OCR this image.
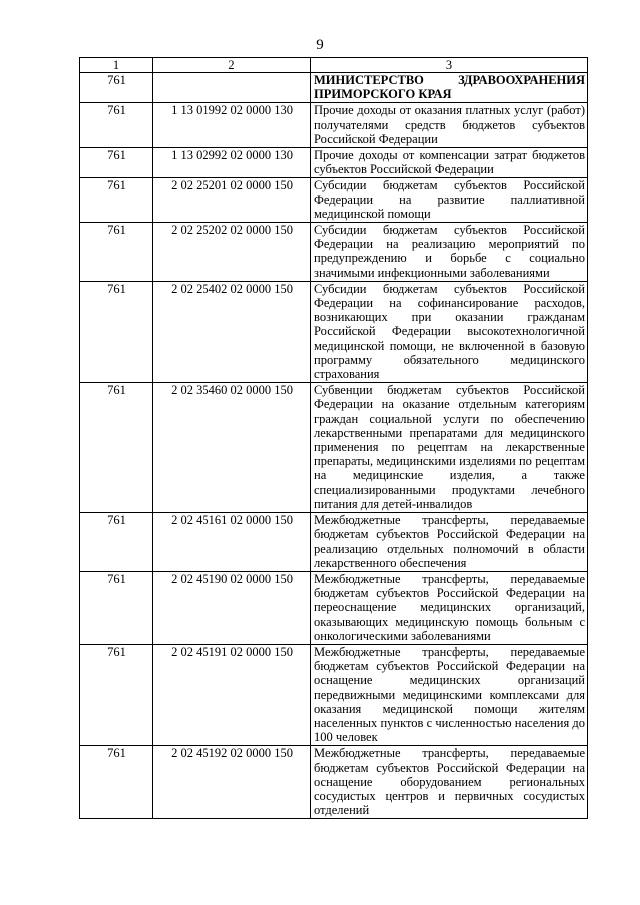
9
1	2	3
761		МИНИСТЕРСТВО ЗДРАВООХРАНЕНИЯ ПРИМОРСКОГО КРАЯ
761	1 13 01992 02 0000 130	Прочие доходы от оказания платных услуг (работ) получателями средств бюджетов субъектов Российской Федерации
761	1 13 02992 02 0000 130	Прочие доходы от компенсации затрат бюджетов субъектов Российской Федерации
761	2 02 25201 02 0000 150	Субсидии бюджетам субъектов Российской Федерации на развитие паллиативной медицинской помощи
761	2 02 25202 02 0000 150	Субсидии бюджетам субъектов Российской Федерации на реализацию мероприятий по предупреждению и борьбе с социально значимыми инфекционными заболеваниями
761	2 02 25402 02 0000 150	Субсидии бюджетам субъектов Российской Федерации на софинансирование расходов, возникающих при оказании гражданам Российской Федерации высокотехнологичной медицинской помощи, не включенной в базовую программу обязательного медицинского страхования
761	2 02 35460 02 0000 150	Субвенции бюджетам субъектов Российской Федерации на оказание отдельным категориям граждан социальной услуги по обеспечению лекарственными препаратами для медицинского применения по рецептам на лекарственные препараты, медицинскими изделиями по рецептам на медицинские изделия, а также специализированными продуктами лечебного питания для детей-инвалидов
761	2 02 45161 02 0000 150	Межбюджетные трансферты, передаваемые бюджетам субъектов Российской Федерации на реализацию отдельных полномочий в области лекарственного обеспечения
761	2 02 45190 02 0000 150	Межбюджетные трансферты, передаваемые бюджетам субъектов Российской Федерации на переоснащение медицинских организаций, оказывающих медицинскую помощь больным с онкологическими заболеваниями
761	2 02 45191 02 0000 150	Межбюджетные трансферты, передаваемые бюджетам субъектов Российской Федерации на оснащение медицинских организаций передвижными медицинскими комплексами для оказания медицинской помощи жителям населенных пунктов с численностью населения до 100 человек
761	2 02 45192 02 0000 150	Межбюджетные трансферты, передаваемые бюджетам субъектов Российской Федерации на оснащение оборудованием региональных сосудистых центров и первичных сосудистых отделений
